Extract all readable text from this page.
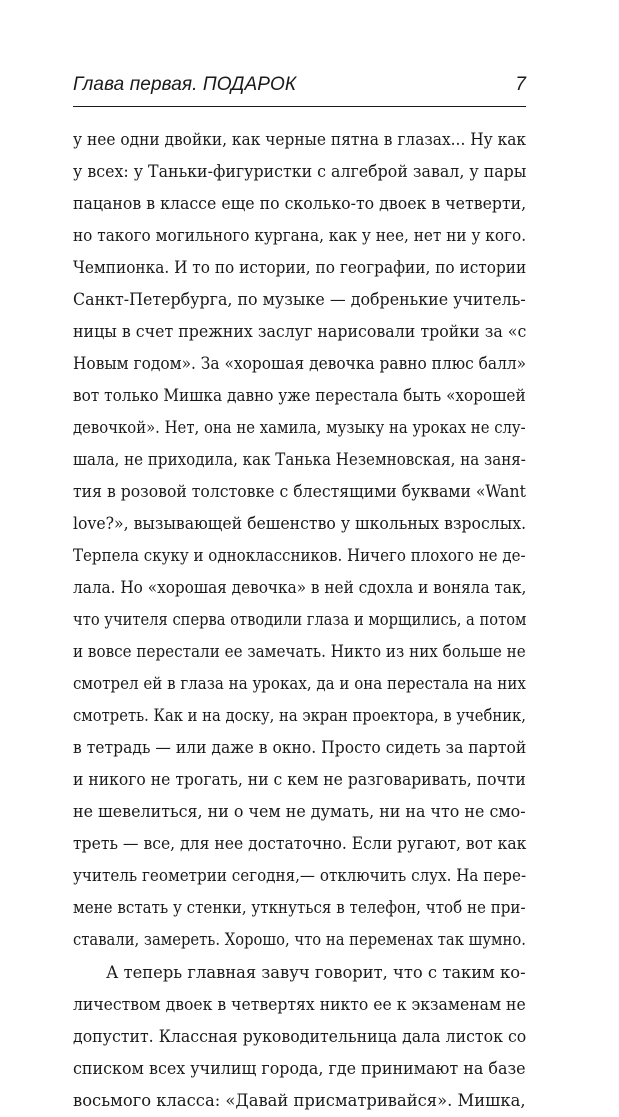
Глава первая. ПОДАРОК	7
у нее одни двойки, как черные пятна в глазах... Ну как
у всех: у Таньки-фигуристки с алгеброй завал, у пары
пацанов в классе еще по сколько-то двоек в четверти,
но такого могильного кургана, как у нее, нет ни у кого.
Чемпионка. И то по истории, по географии, по истории
Санкт-Петербурга, по музыке — добренькие учитель-
ницы в счет прежних заслуг нарисовали тройки за «с
Новым годом». За «хорошая девочка равно плюс балл»
вот только Мишка давно уже перестала быть «хорошей
девочкой». Нет, она не хамила, музыку на уроках не слу-
шала, не приходила, как Танька Неземновская, на заня-
тия в розовой толстовке с блестящими буквами «Want
love?», вызывающей бешенство у школьных взрослых.
Терпела скуку и одноклассников. Ничего плохого не де-
лала. Но «хорошая девочка» в ней сдохла и воняла так,
что учителя сперва отводили глаза и морщились, а потом
и вовсе перестали ее замечать. Никто из них больше не
смотрел ей в глаза на уроках, да и она перестала на них
смотреть. Как и на доску, на экран проектора, в учебник,
в тетрадь — или даже в окно. Просто сидеть за партой
и никого не трогать, ни с кем не разговаривать, почти
не шевелиться, ни о чем не думать, ни на что не смо-
треть — все, для нее достаточно. Если ругают, вот как
учитель геометрии сегодня,— отключить слух. На пере-
мене встать у стенки, уткнуться в телефон, чтоб не при-
ставали, замереть. Хорошо, что на переменах так шумно.
А теперь главная завуч говорит, что с таким ко-
личеством двоек в четвертях никто ее к экзаменам не
допустит. Классная руководительница дала листок со
списком всех училищ города, где принимают на базе
восьмого класса: «Давай присматривайся». Мишка,
